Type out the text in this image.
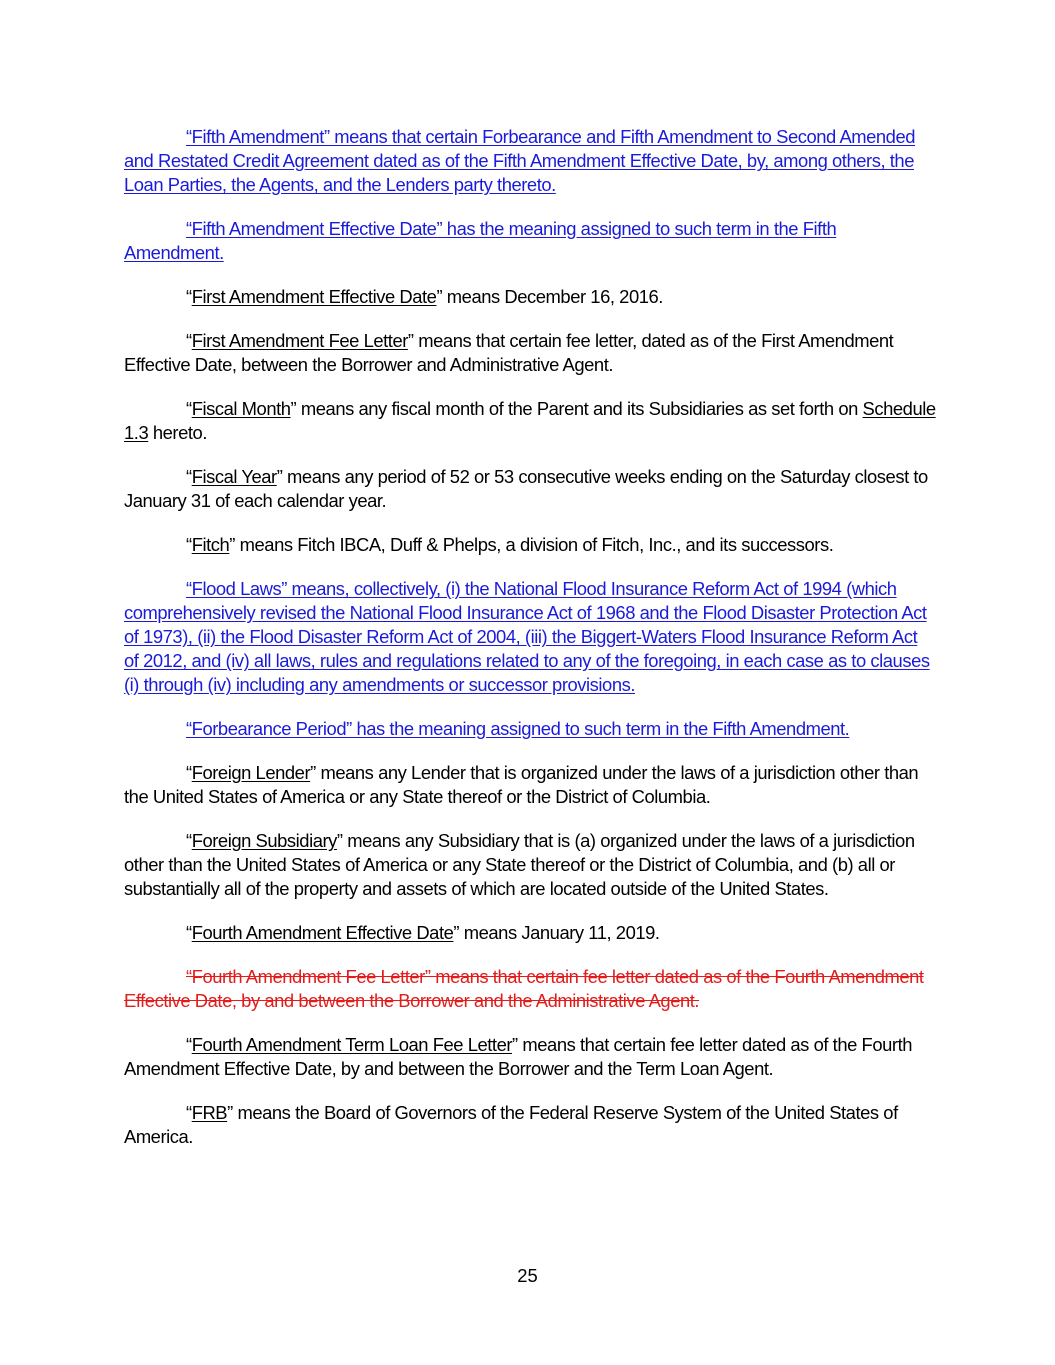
“Fifth Amendment” means that certain Forbearance and Fifth Amendment to Second Amended and Restated Credit Agreement dated as of the Fifth Amendment Effective Date, by, among others, the Loan Parties, the Agents, and the Lenders party thereto.

“Fifth Amendment Effective Date” has the meaning assigned to such term in the Fifth Amendment.

“First Amendment Effective Date” means December 16, 2016.

“First Amendment Fee Letter” means that certain fee letter, dated as of the First Amendment Effective Date, between the Borrower and Administrative Agent.

“Fiscal Month” means any fiscal month of the Parent and its Subsidiaries as set forth on Schedule 1.3 hereto.

“Fiscal Year” means any period of 52 or 53 consecutive weeks ending on the Saturday closest to January 31 of each calendar year.

“Fitch” means Fitch IBCA, Duff & Phelps, a division of Fitch, Inc., and its successors.

“Flood Laws” means, collectively, (i) the National Flood Insurance Reform Act of 1994 (which comprehensively revised the National Flood Insurance Act of 1968 and the Flood Disaster Protection Act of 1973), (ii) the Flood Disaster Reform Act of 2004, (iii) the Biggert-Waters Flood Insurance Reform Act of 2012, and (iv) all laws, rules and regulations related to any of the foregoing, in each case as to clauses (i) through (iv) including any amendments or successor provisions.

“Forbearance Period” has the meaning assigned to such term in the Fifth Amendment.

“Foreign Lender” means any Lender that is organized under the laws of a jurisdiction other than the United States of America or any State thereof or the District of Columbia.

“Foreign Subsidiary” means any Subsidiary that is (a) organized under the laws of a jurisdiction other than the United States of America or any State thereof or the District of Columbia, and (b) all or substantially all of the property and assets of which are located outside of the United States.

“Fourth Amendment Effective Date” means January 11, 2019.

“Fourth Amendment Fee Letter” means that certain fee letter dated as of the Fourth Amendment Effective Date, by and between the Borrower and the Administrative Agent.

“Fourth Amendment Term Loan Fee Letter” means that certain fee letter dated as of the Fourth Amendment Effective Date, by and between the Borrower and the Term Loan Agent.

“FRB” means the Board of Governors of the Federal Reserve System of the United States of America.

25
